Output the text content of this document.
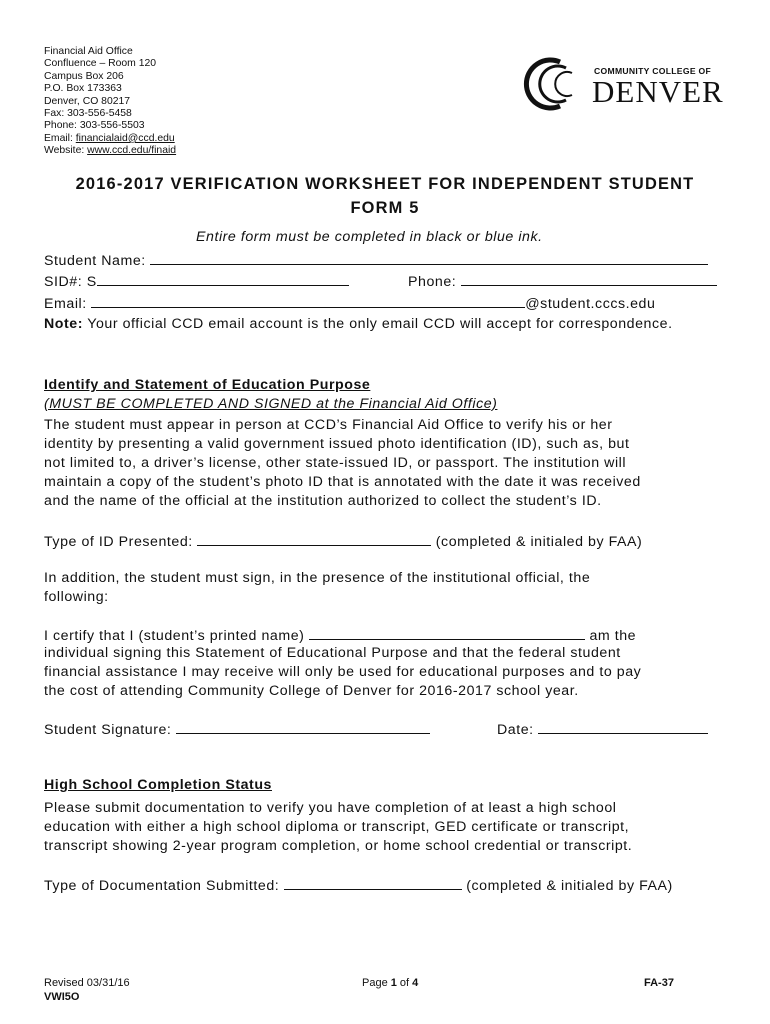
Financial Aid Office
Confluence – Room 120
Campus Box 206
P.O. Box 173363
Denver, CO 80217
Fax: 303-556-5458
Phone: 303-556-5503
Email: financialaid@ccd.edu
Website: www.ccd.edu/finaid
COMMUNITY COLLEGE OF
DENVER
2016-2017 VERIFICATION WORKSHEET FOR INDEPENDENT STUDENT
FORM 5
Entire form must be completed in black or blue ink.
Student Name:
SID#: S	Phone:
Email:	@student.cccs.edu
Note: Your official CCD email account is the only email CCD will accept for correspondence.
Identify and Statement of Education Purpose
(MUST BE COMPLETED AND SIGNED at the Financial Aid Office)
The student must appear in person at CCD’s Financial Aid Office to verify his or her
identity by presenting a valid government issued photo identification (ID), such as, but
not limited to, a driver’s license, other state-issued ID, or passport. The institution will
maintain a copy of the student’s photo ID that is annotated with the date it was received
and the name of the official at the institution authorized to collect the student’s ID.
Type of ID Presented:	(completed & initialed by FAA)
In addition, the student must sign, in the presence of the institutional official, the
following:
I certify that I (student’s printed name)	am the
individual signing this Statement of Educational Purpose and that the federal student
financial assistance I may receive will only be used for educational purposes and to pay
the cost of attending Community College of Denver for 2016-2017 school year.
Student Signature:	Date:
High School Completion Status
Please submit documentation to verify you have completion of at least a high school
education with either a high school diploma or transcript, GED certificate or transcript,
transcript showing 2-year program completion, or home school credential or transcript.
Type of Documentation Submitted:	(completed & initialed by FAA)
Revised 03/31/16
VWI5O
Page 1 of 4	FA-37
